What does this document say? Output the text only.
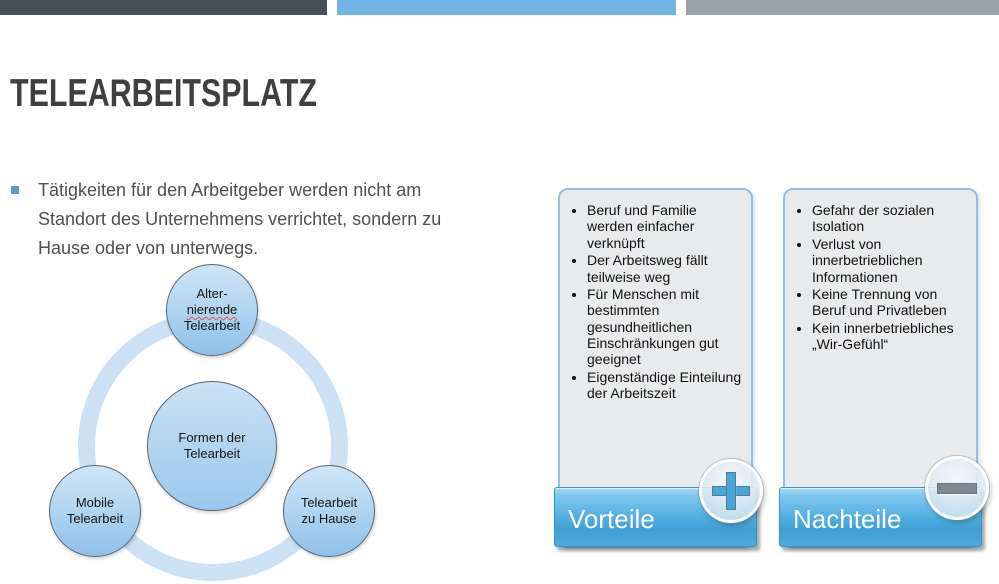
TELEARBEITSPLATZ

Tätigkeiten für den Arbeitgeber werden nicht am Standort des Unternehmens verrichtet, sondern zu Hause oder von unterwegs.

Alter-
nierende
Telearbeit
Formen der Telearbeit
Mobile Telearbeit
Telearbeit zu Hause
• Beruf und Familie werden einfacher verknüpft
• Der Arbeitsweg fällt teilweise weg
• Für Menschen mit bestimmten gesundheitlichen Einschränkungen gut geeignet
• Eigenständige Einteilung der Arbeitszeit
Vorteile
• Gefahr der sozialen Isolation
• Verlust von innerbetrieblichen Informationen
• Keine Trennung von Beruf und Privatleben
• Kein innerbetriebliches „Wir-Gefühl“
Nachteile
